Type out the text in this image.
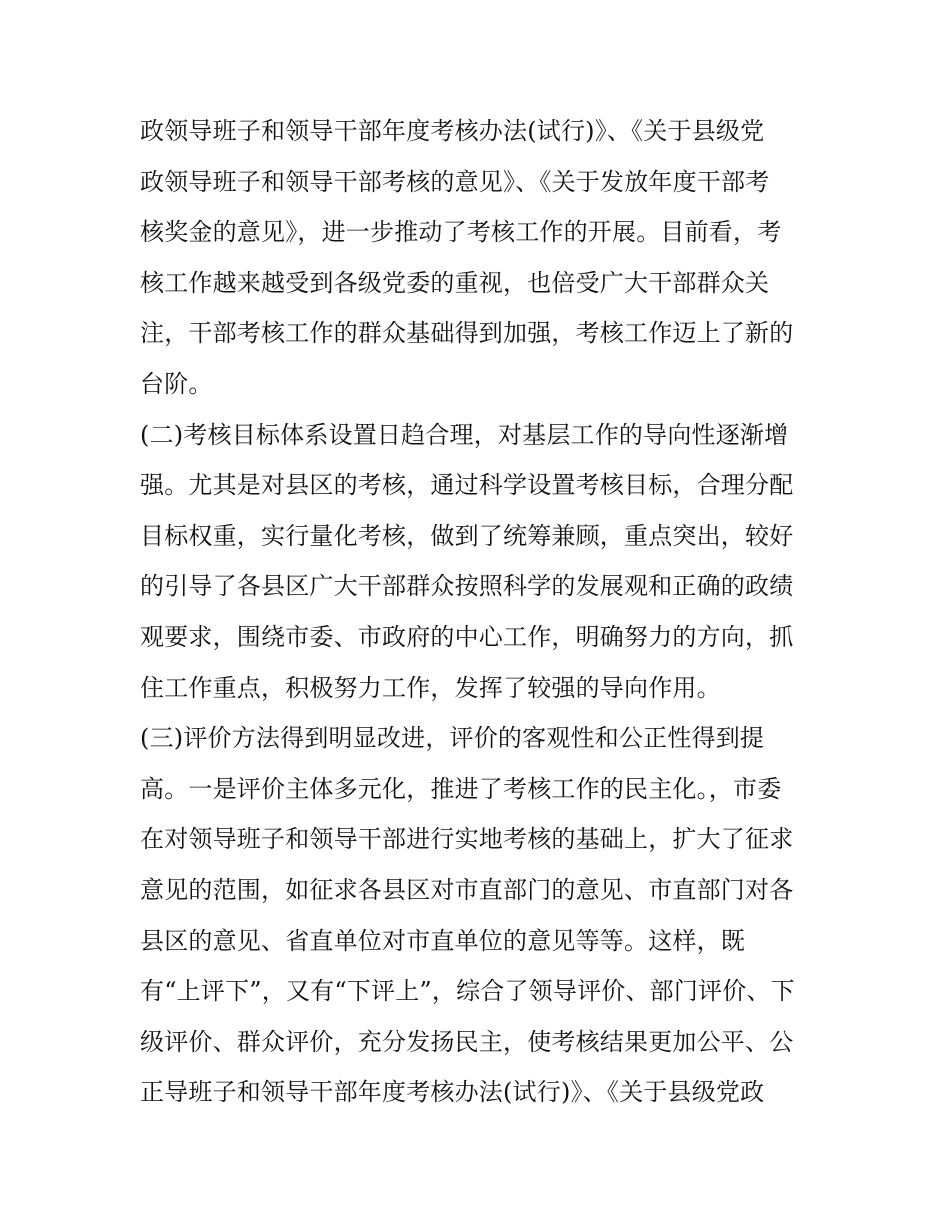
政领导班子和领导干部年度考核办法(试行)》、《关于县级党
政领导班子和领导干部考核的意见》、《关于发放年度干部考
核奖金的意见》，进一步推动了考核工作的开展。目前看，考
核工作越来越受到各级党委的重视，也倍受广大干部群众关
注，干部考核工作的群众基础得到加强，考核工作迈上了新的
台阶。
(二)考核目标体系设置日趋合理，对基层工作的导向性逐渐增
强。尤其是对县区的考核，通过科学设置考核目标，合理分配
目标权重，实行量化考核，做到了统筹兼顾，重点突出，较好
的引导了各县区广大干部群众按照科学的发展观和正确的政绩
观要求，围绕市委、市政府的中心工作，明确努力的方向，抓
住工作重点，积极努力工作，发挥了较强的导向作用。
(三)评价方法得到明显改进，评价的客观性和公正性得到提
高。一是评价主体多元化，推进了考核工作的民主化。，市委
在对领导班子和领导干部进行实地考核的基础上，扩大了征求
意见的范围，如征求各县区对市直部门的意见、市直部门对各
县区的意见、省直单位对市直单位的意见等等。这样，既
有“上评下”，又有“下评上”，综合了领导评价、部门评价、下
级评价、群众评价，充分发扬民主，使考核结果更加公平、公
正导班子和领导干部年度考核办法(试行)》、《关于县级党政
